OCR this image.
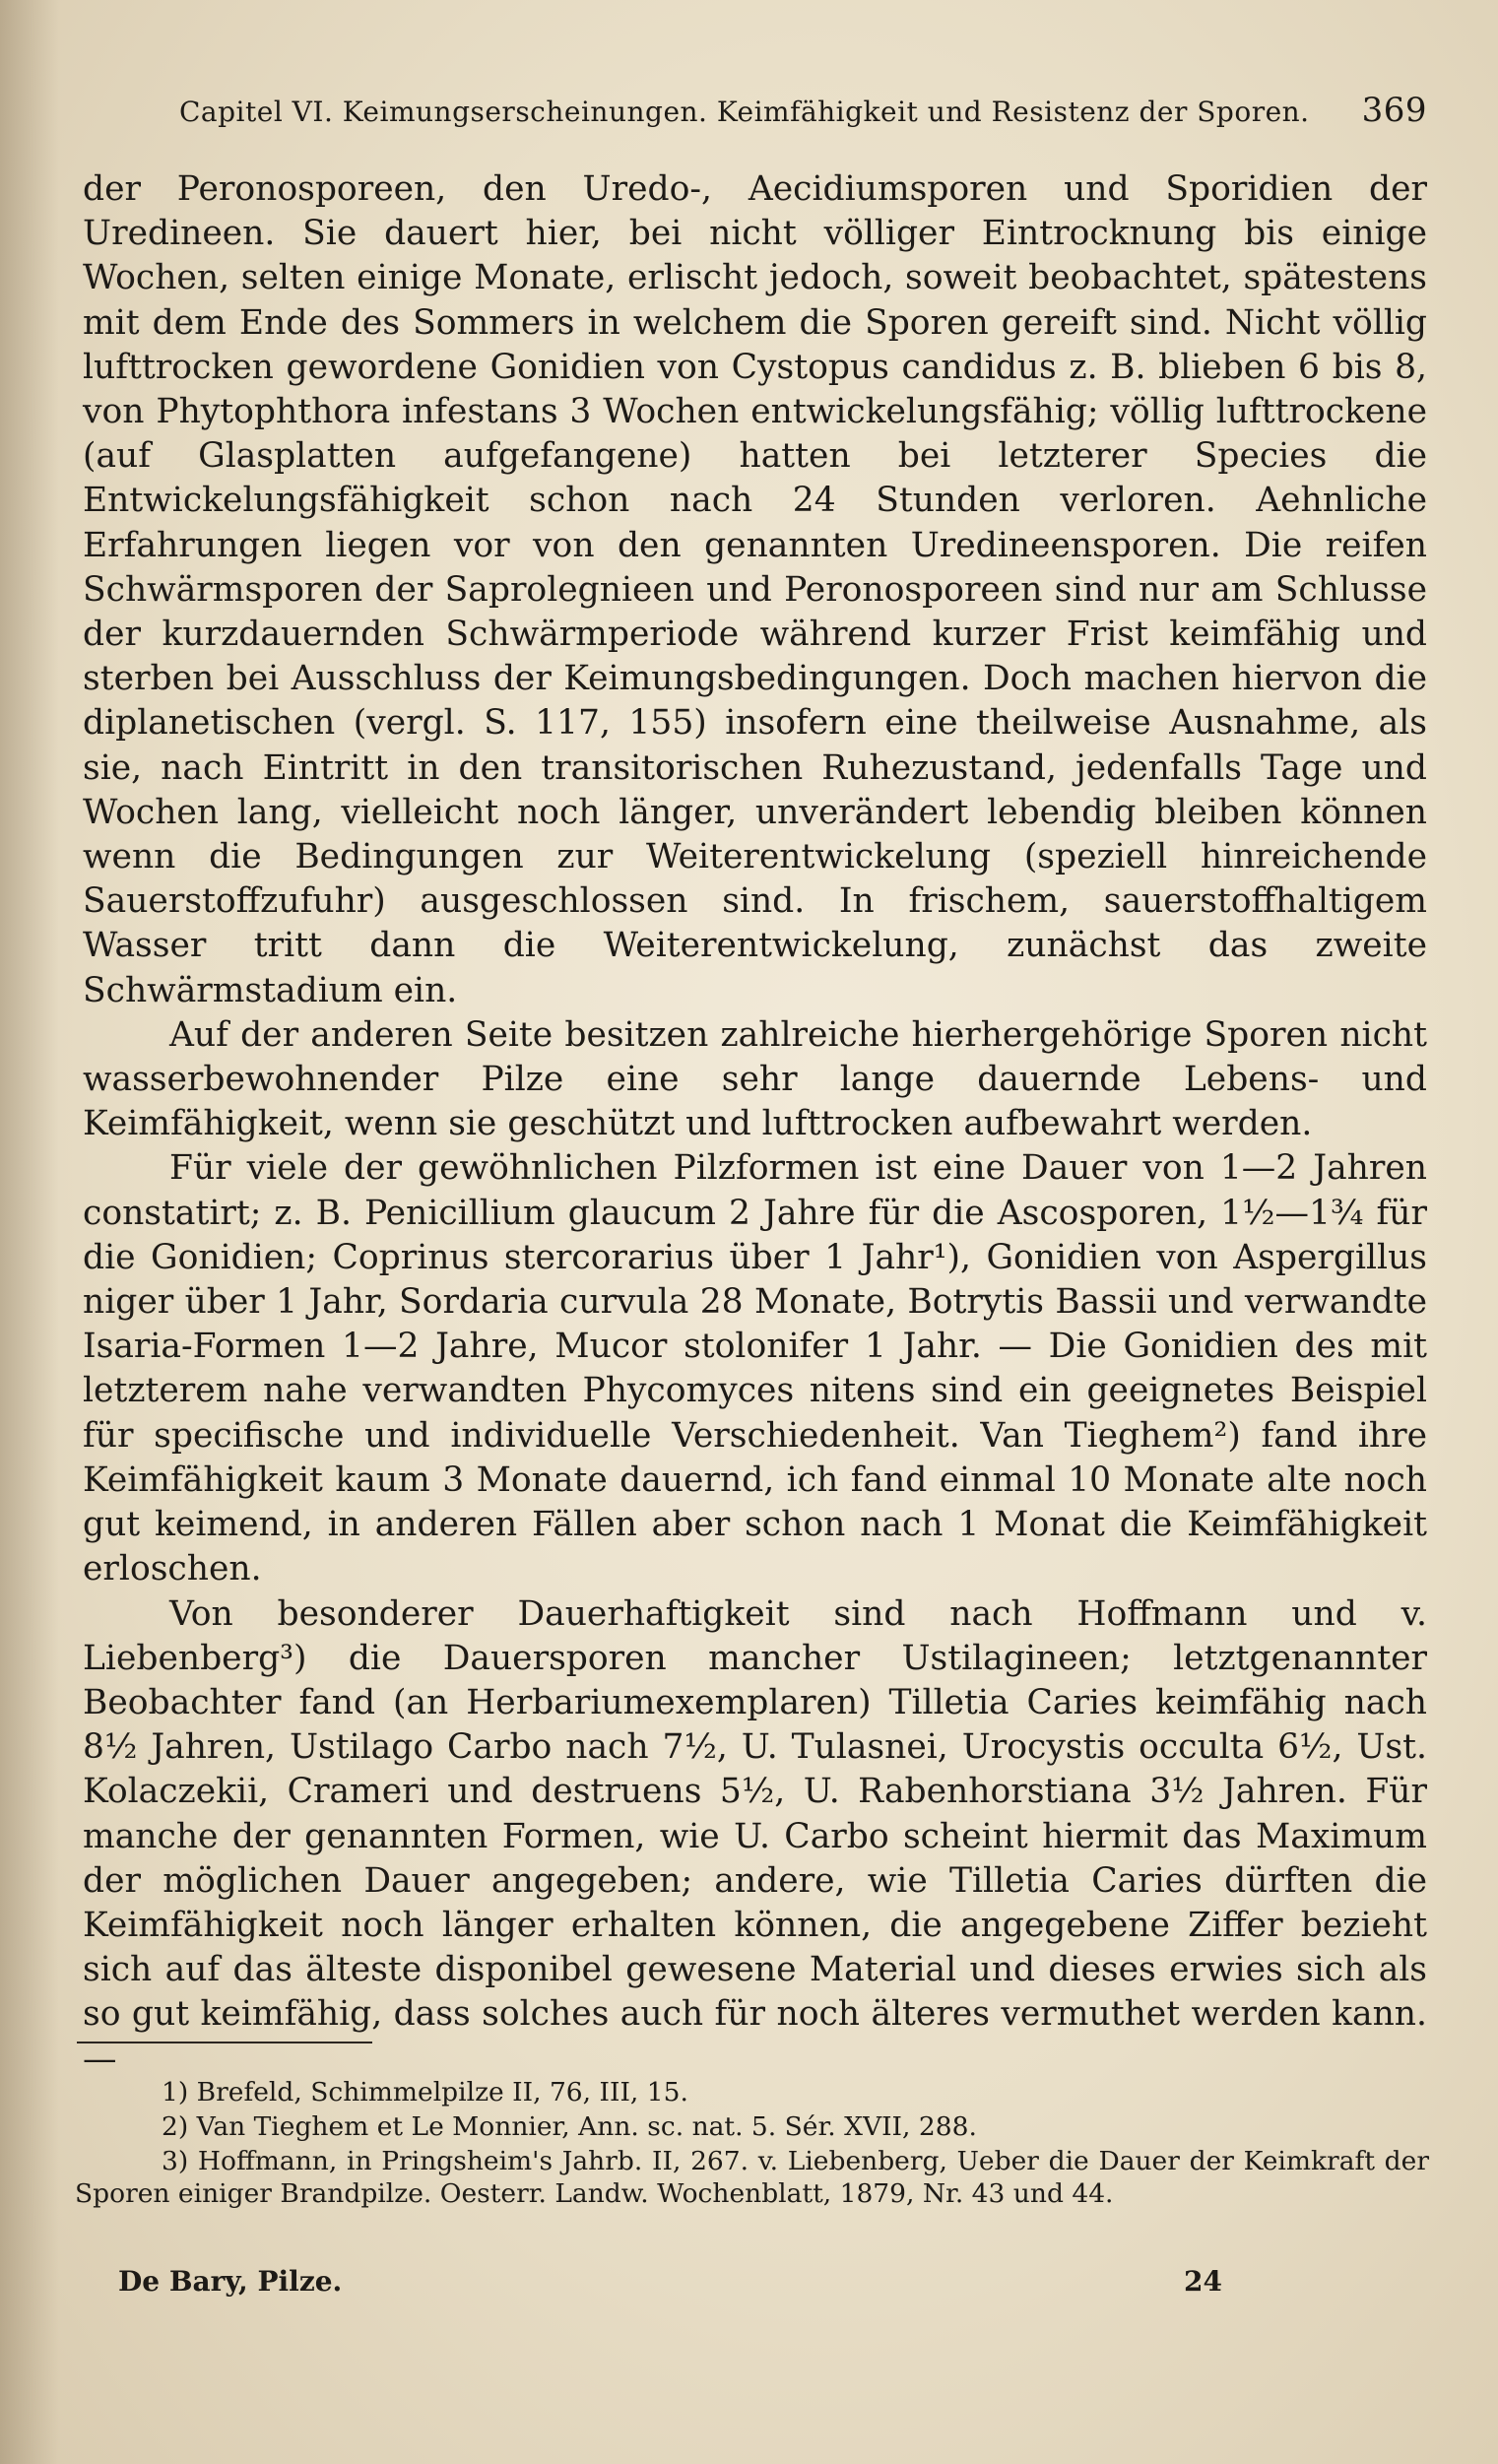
Capitel VI. Keimungserscheinungen. Keimfähigkeit und Resistenz der Sporen. 369

der Peronosporeen, den Uredo-, Aecidiumsporen und Sporidien der Uredineen. Sie dauert hier, bei nicht völliger Eintrocknung bis einige Wochen, selten einige Monate, erlischt jedoch, soweit beobachtet, spätestens mit dem Ende des Sommers in welchem die Sporen gereift sind. Nicht völlig lufttrocken gewordene Gonidien von Cystopus candidus z. B. blieben 6 bis 8, von Phytophthora infestans 3 Wochen entwickelungsfähig; völlig lufttrockene (auf Glasplatten aufgefangene) hatten bei letzterer Species die Entwickelungsfähigkeit schon nach 24 Stunden verloren. Aehnliche Erfahrungen liegen vor von den genannten Uredineensporen. Die reifen Schwärmsporen der Saprolegnieen und Peronosporeen sind nur am Schlusse der kurzdauernden Schwärmperiode während kurzer Frist keimfähig und sterben bei Ausschluss der Keimungsbedingungen. Doch machen hiervon die diplanetischen (vergl. S. 117, 155) insofern eine theilweise Ausnahme, als sie, nach Eintritt in den transitorischen Ruhezustand, jedenfalls Tage und Wochen lang, vielleicht noch länger, unverändert lebendig bleiben können wenn die Bedingungen zur Weiterentwickelung (speziell hinreichende Sauerstoffzufuhr) ausgeschlossen sind. In frischem, sauerstoffhaltigem Wasser tritt dann die Weiterentwickelung, zunächst das zweite Schwärmstadium ein.

Auf der anderen Seite besitzen zahlreiche hierhergehörige Sporen nicht wasserbewohnender Pilze eine sehr lange dauernde Lebens- und Keimfähigkeit, wenn sie geschützt und lufttrocken aufbewahrt werden.

Für viele der gewöhnlichen Pilzformen ist eine Dauer von 1—2 Jahren constatirt; z. B. Penicillium glaucum 2 Jahre für die Ascosporen, 1½—1¾ für die Gonidien; Coprinus stercorarius über 1 Jahr¹), Gonidien von Aspergillus niger über 1 Jahr, Sordaria curvula 28 Monate, Botrytis Bassii und verwandte Isaria-Formen 1—2 Jahre, Mucor stolonifer 1 Jahr. — Die Gonidien des mit letzterem nahe verwandten Phycomyces nitens sind ein geeignetes Beispiel für specifische und individuelle Verschiedenheit. Van Tieghem²) fand ihre Keimfähigkeit kaum 3 Monate dauernd, ich fand einmal 10 Monate alte noch gut keimend, in anderen Fällen aber schon nach 1 Monat die Keimfähigkeit erloschen.

Von besonderer Dauerhaftigkeit sind nach Hoffmann und v. Liebenberg³) die Dauersporen mancher Ustilagineen; letztgenannter Beobachter fand (an Herbariumexemplaren) Tilletia Caries keimfähig nach 8½ Jahren, Ustilago Carbo nach 7½, U. Tulasnei, Urocystis occulta 6½, Ust. Kolaczekii, Crameri und destruens 5½, U. Rabenhorstiana 3½ Jahren. Für manche der genannten Formen, wie U. Carbo scheint hiermit das Maximum der möglichen Dauer angegeben; andere, wie Tilletia Caries dürften die Keimfähigkeit noch länger erhalten können, die angegebene Ziffer bezieht sich auf das älteste disponibel gewesene Material und dieses erwies sich als so gut keimfähig, dass solches auch für noch älteres vermuthet werden kann. —

1) Brefeld, Schimmelpilze II, 76, III, 15.

2) Van Tieghem et Le Monnier, Ann. sc. nat. 5. Sér. XVII, 288.

3) Hoffmann, in Pringsheim's Jahrb. II, 267. v. Liebenberg, Ueber die Dauer der Keimkraft der Sporen einiger Brandpilze. Oesterr. Landw. Wochenblatt, 1879, Nr. 43 und 44.

De Bary, Pilze.	24
